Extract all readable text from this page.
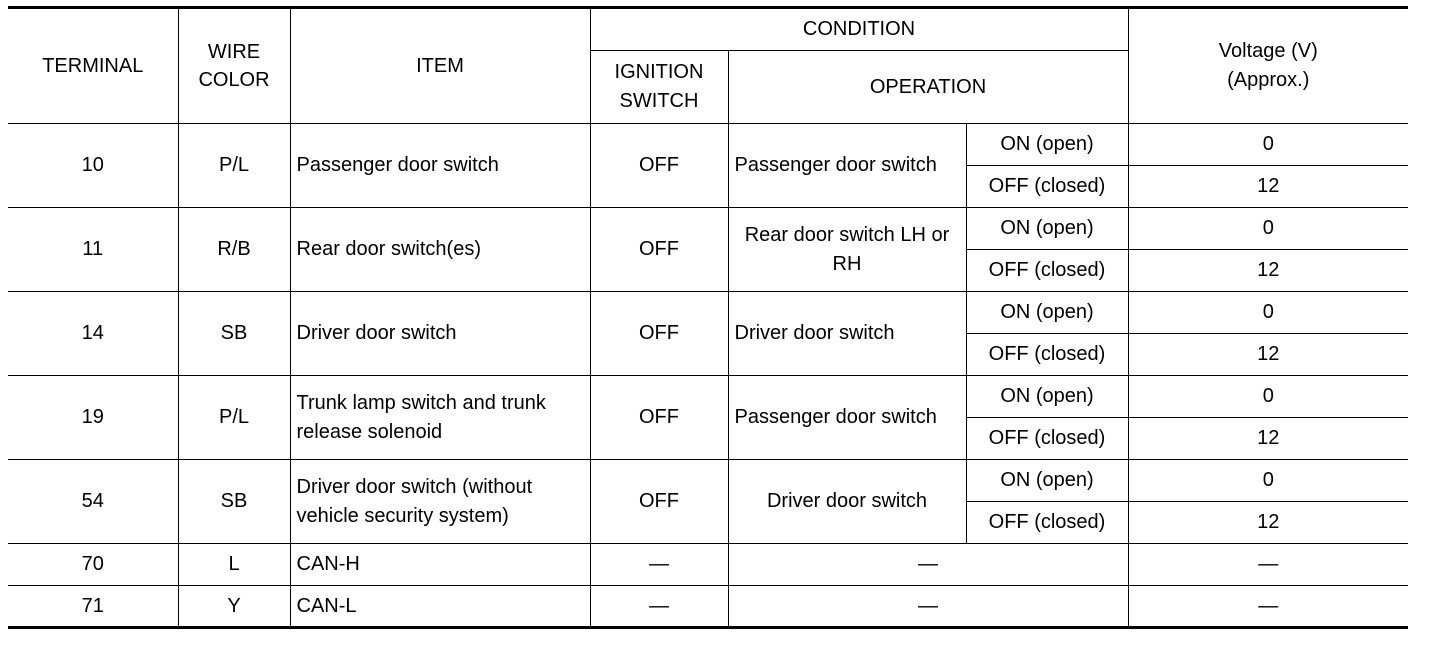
TERMINAL	WIRE COLOR	ITEM	CONDITION			Voltage (V) (Approx.)
			IGNITION SWITCH	OPERATION		
10	P/L	Passenger door switch	OFF	Passenger door switch	ON (open)	0
					OFF (closed)	12
11	R/B	Rear door switch(es)	OFF	Rear door switch LH or RH	ON (open)	0
					OFF (closed)	12
14	SB	Driver door switch	OFF	Driver door switch	ON (open)	0
					OFF (closed)	12
19	P/L	Trunk lamp switch and trunk release solenoid	OFF	Passenger door switch	ON (open)	0
					OFF (closed)	12
54	SB	Driver door switch (without vehicle security system)	OFF	Driver door switch	ON (open)	0
					OFF (closed)	12
70	L	CAN-H	—	—		—
71	Y	CAN-L	—	—		—
